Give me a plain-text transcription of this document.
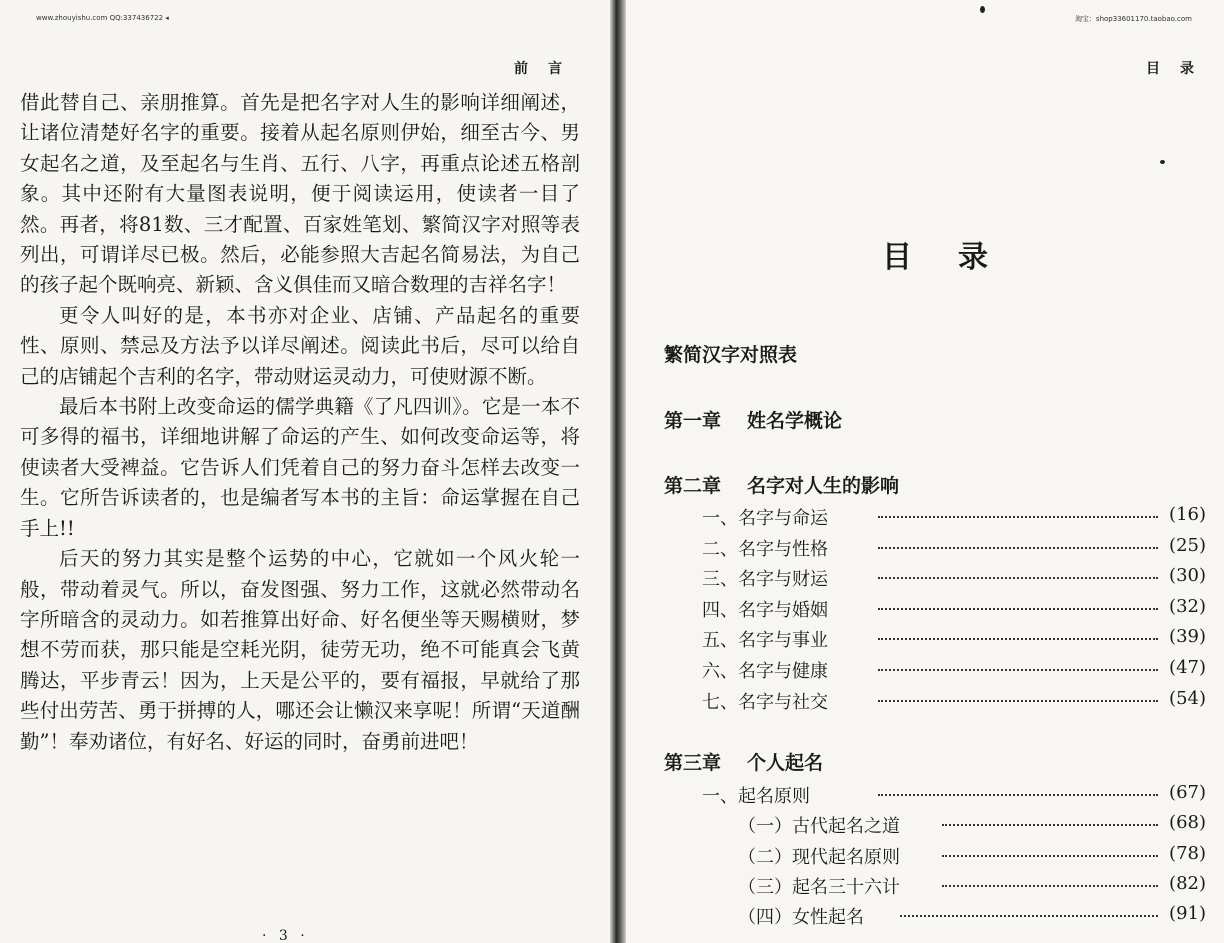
www.zhouyishu.com QQ:337436722 ◂
前言

借此替自己、亲朋推算。首先是把名字对人生的影响详细阐述，让诸位清楚好名字的重要。接着从起名原则伊始，细至古今、男女起名之道，及至起名与生肖、五行、八字，再重点论述五格剖象。其中还附有大量图表说明，便于阅读运用，使读者一目了然。再者，将81数、三才配置、百家姓笔划、繁简汉字对照等表列出，可谓详尽已极。然后，必能参照大吉起名简易法，为自己的孩子起个既响亮、新颖、含义俱佳而又暗合数理的吉祥名字！

更令人叫好的是，本书亦对企业、店铺、产品起名的重要性、原则、禁忌及方法予以详尽阐述。阅读此书后，尽可以给自己的店铺起个吉利的名字，带动财运灵动力，可使财源不断。

最后本书附上改变命运的儒学典籍《了凡四训》。它是一本不可多得的福书，详细地讲解了命运的产生、如何改变命运等，将使读者大受裨益。它告诉人们凭着自己的努力奋斗怎样去改变一生。它所告诉读者的，也是编者写本书的主旨：命运掌握在自己手上!!

后天的努力其实是整个运势的中心，它就如一个风火轮一般，带动着灵气。所以，奋发图强、努力工作，这就必然带动名字所暗含的灵动力。如若推算出好命、好名便坐等天赐横财，梦想不劳而获，那只能是空耗光阴，徒劳无功，绝不可能真会飞黄腾达，平步青云！因为，上天是公平的，要有福报，早就给了那些付出劳苦、勇于拼搏的人，哪还会让懒汉来享呢！所谓“天道酬勤”！奉劝诸位，有好名、好运的同时，奋勇前进吧！

· 3 ·
淘宝：shop33601170.taobao.com
目录
目录
繁简汉字对照表
第一章 姓名学概论
第二章 名字对人生的影响
一、名字与命运	(16)
二、名字与性格	(25)
三、名字与财运	(30)
四、名字与婚姻	(32)
五、名字与事业	(39)
六、名字与健康	(47)
七、名字与社交	(54)
第三章 个人起名
一、起名原则	(67)
（一）古代起名之道	(68)
（二）现代起名原则	(78)
（三）起名三十六计	(82)
（四）女性起名	(91)
